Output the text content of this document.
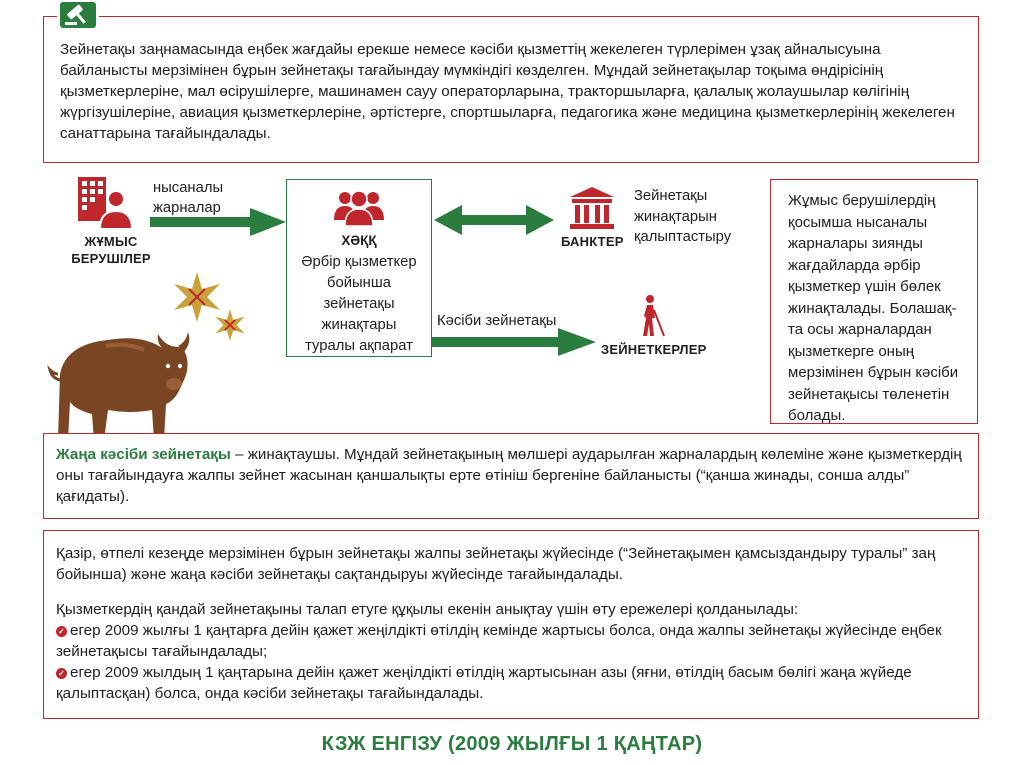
Зейнетақы заңнамасында еңбек жағдайы ерекше немесе кәсіби қызметтің жекелеген түрлерімен ұзақ айналысуына байланысты мерзімінен бұрын зейнетақы тағайындау мүмкіндігі көзделген. Мұндай зейнетақылар тоқыма өндірісінің қызметкерлеріне, мал өсірушілерге, машинамен сауу операторларына, тракторшыларға, қалалық жолаушылар көлігінің жүргізушілеріне, авиация қызметкерлеріне, әртістерге, спортшыларға, педагогика және медицина қызметкерлерінің жекелеген санаттарына тағайындалады.

ЖҰМЫС БЕРУШІЛЕР
нысаналы жарналар
ХӘҚҚ
Әрбір қызметкер бойынша зейнетақы жинақтары туралы ақпарат
БАНКТЕР
Зейнетақы жинақтарын қалыптастыру
Кәсіби зейнетақы
ЗЕЙНЕТКЕРЛЕР

Жұмыс берушілердің қосымша нысаналы жарналары зиянды жағдайларда әрбір қызметкер үшін бөлек жинақталады. Болашақ-та осы жарналардан қызметкерге оның мерзімінен бұрын кәсіби зейнетақысы төленетін болады.

Жаңа кәсіби зейнетақы – жинақтаушы. Мұндай зейнетақының мөлшері аударылған жарналардың көлеміне және қызметкердің оны тағайындауға жалпы зейнет жасынан қаншалықты ерте өтініш бергеніне байланысты (“қанша жинады, сонша алды” қағидаты).

Қазір, өтпелі кезеңде мерзімінен бұрын зейнетақы жалпы зейнетақы жүйесінде (“Зейнетақымен қамсыздандыру туралы” заң бойынша) және жаңа кәсіби зейнетақы сақтандыруы жүйесінде тағайындалады.

Қызметкердің қандай зейнетақыны талап етуге құқылы екенін анықтау үшін өту ережелері қолданылады:

✓ егер 2009 жылғы 1 қаңтарға дейін қажет жеңілдікті өтілдің кемінде жартысы болса, онда жалпы зейнетақы жүйесінде еңбек зейнетақысы тағайындалады;

✓ егер 2009 жылдың 1 қаңтарына дейін қажет жеңілдікті өтілдің жартысынан азы (яғни, өтілдің басым бөлігі жаңа жүйеде қалыптасқан) болса, онда кәсіби зейнетақы тағайындалады.

КЗЖ ЕНГІЗУ (2009 ЖЫЛҒЫ 1 ҚАҢТАР)
